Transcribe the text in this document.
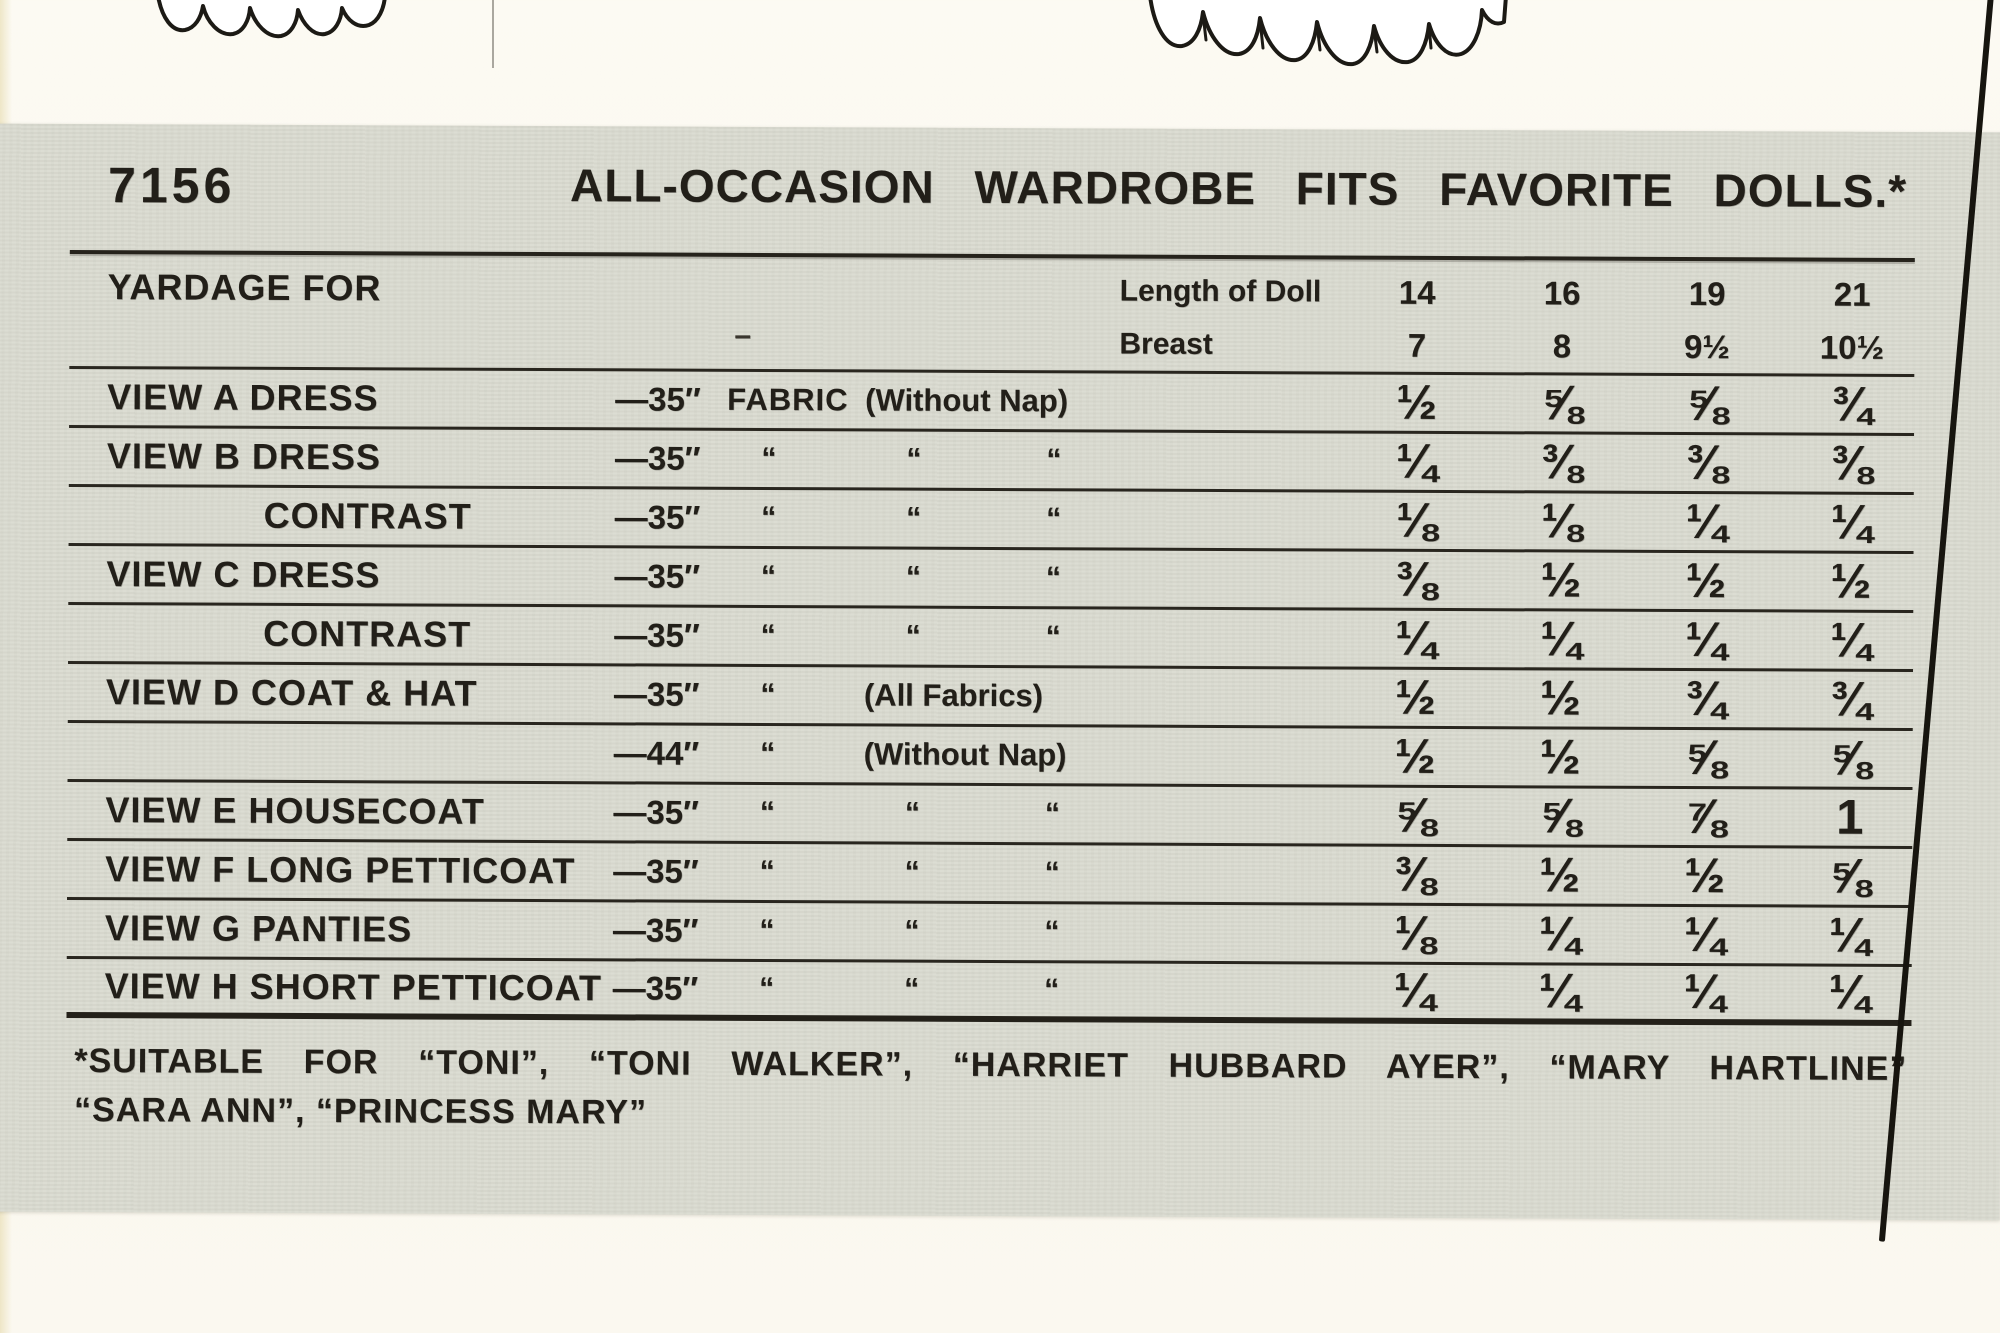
7156	ALL-OCCASION WARDROBE FITS FAVORITE DOLLS.*
YARDAGE FOR	Length of Doll	14	16	19	21
–	Breast	7	8	9½	10½
VIEW A DRESS	—35″ FABRIC (Without Nap)	½	⅝	⅝	¾
VIEW B DRESS	—35″	“	“	“	¼	⅜	⅜	⅜
CONTRAST	—35″	“	“	“	⅛	⅛	¼	¼
VIEW C DRESS	—35″	“	“	“	⅜	½	½	½
CONTRAST	—35″	“	“	“	¼	¼	¼	¼
VIEW D COAT & HAT	—35″	“	(All Fabrics)	½	½	¾	¾
—44″	“	(Without Nap)	½	½	⅝	⅝
VIEW E HOUSECOAT	—35″	“	“	“	⅝	⅝	⅞	1
VIEW F LONG PETTICOAT	—35″	“	“	“	⅜	½	½	⅝
VIEW G PANTIES	—35″	“	“	“	⅛	¼	¼	¼
VIEW H SHORT PETTICOAT —35″	“	“	“	¼	¼	¼	¼
*SUITABLE FOR “TONI”, “TONI WALKER”, “HARRIET HUBBARD AYER”, “MARY HARTLINE”
“SARA ANN”, “PRINCESS MARY”
